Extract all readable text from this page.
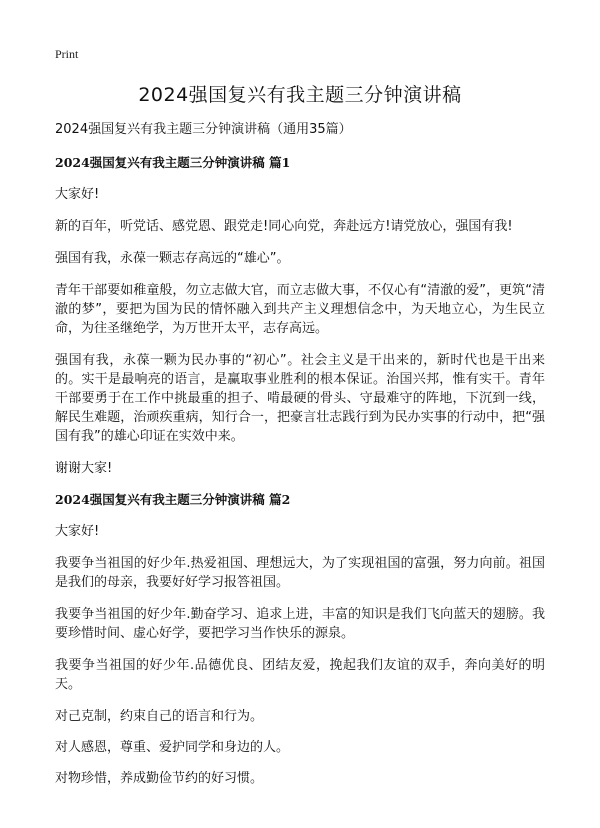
Print
2024强国复兴有我主题三分钟演讲稿

2024强国复兴有我主题三分钟演讲稿（通用35篇）

2024强国复兴有我主题三分钟演讲稿 篇1

大家好!

新的百年，听党话、感党恩、跟党走!同心向党，奔赴远方!请党放心，强国有我!

强国有我，永葆一颗志存高远的“雄心”。

青年干部要如稚童般，勿立志做大官，而立志做大事，不仅心有“清澈的爱”，更筑“清澈的梦”，要把为国为民的情怀融入到共产主义理想信念中，为天地立心，为生民立命，为往圣继绝学，为万世开太平，志存高远。

强国有我，永葆一颗为民办事的“初心”。社会主义是干出来的，新时代也是干出来的。实干是最响亮的语言，是赢取事业胜利的根本保证。治国兴邦，惟有实干。青年干部要勇于在工作中挑最重的担子、啃最硬的骨头、守最难守的阵地，下沉到一线，解民生难题，治顽疾重病，知行合一，把豪言壮志践行到为民办实事的行动中，把“强国有我”的雄心印证在实效中来。

谢谢大家!

2024强国复兴有我主题三分钟演讲稿 篇2

大家好!

我要争当祖国的好少年.热爱祖国、理想远大，为了实现祖国的富强，努力向前。祖国是我们的母亲，我要好好学习报答祖国。

我要争当祖国的好少年.勤奋学习、追求上进，丰富的知识是我们飞向蓝天的翅膀。我要珍惜时间、虚心好学，要把学习当作快乐的源泉。

我要争当祖国的好少年.品德优良、团结友爱，挽起我们友谊的双手，奔向美好的明天。

对己克制，约束自己的语言和行为。

对人感恩，尊重、爱护同学和身边的人。

对物珍惜，养成勤俭节约的好习惯。
